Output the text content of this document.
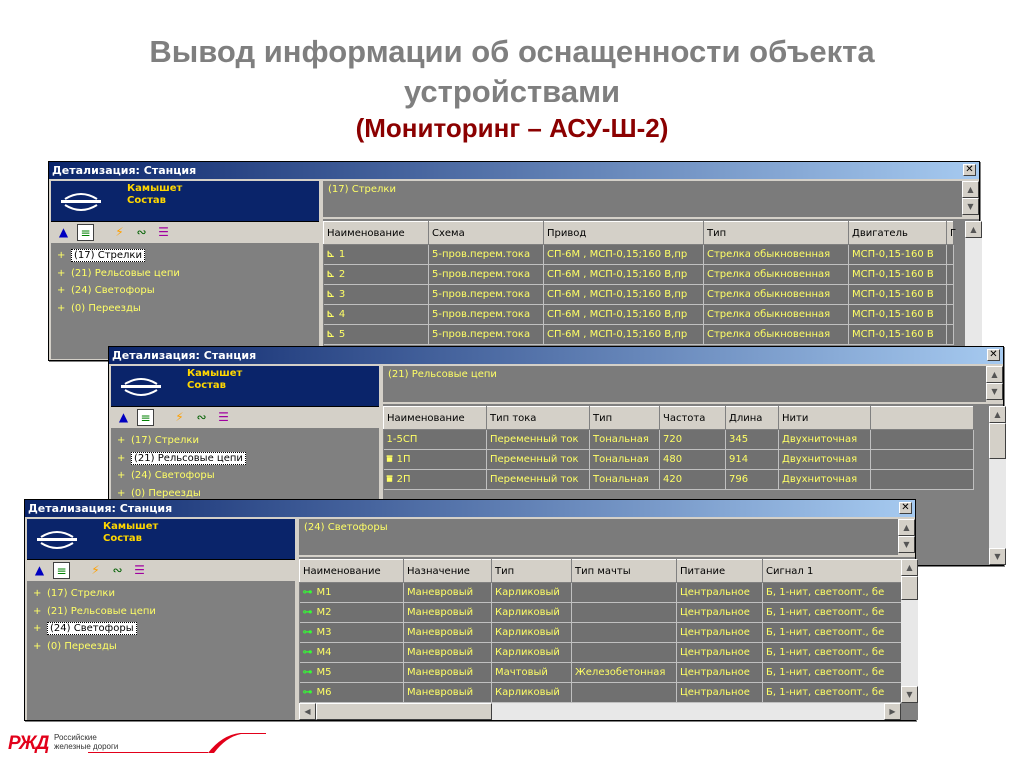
Вывод информации об оснащенности объекта устройствами
(Мониторинг – АСУ-Ш-2)
Детализация: Станция	✕
Камышет
Состав
▲	≡	⚡	∾ ☰
+ (17) Стрелки
+ (21) Рельсовые цепи
+ (24) Светофоры
+ (0) Переезды
(17) Стрелки	▲
▼
Наименование	Схема	Привод	Тип	Двигатель	Г
⊾ 1	5-пров.перем.тока	СП-6М , МСП-0,15;160 В,пр	Стрелка обыкновенная	МСП-0,15-160 В	
⊾ 2	5-пров.перем.тока	СП-6М , МСП-0,15;160 В,пр	Стрелка обыкновенная	МСП-0,15-160 В	
⊾ 3	5-пров.перем.тока	СП-6М , МСП-0,15;160 В,пр	Стрелка обыкновенная	МСП-0,15-160 В	
⊾ 4	5-пров.перем.тока	СП-6М , МСП-0,15;160 В,пр	Стрелка обыкновенная	МСП-0,15-160 В	
⊾ 5	5-пров.перем.тока	СП-6М , МСП-0,15;160 В,пр	Стрелка обыкновенная	МСП-0,15-160 В	
▲
Детализация: Станция	✕
Камышет
Состав
▲	≡	⚡	∾ ☰
+ (17) Стрелки
+ (21) Рельсовые цепи
+ (24) Светофоры
+ (0) Переезды
(21) Рельсовые цепи	▲
▼
Наименование	Тип тока	Тип	Частота	Длина	Нити	
1-5СП	Переменный ток	Тональная	720	345	Двухниточная	
⩸ 1П	Переменный ток	Тональная	480	914	Двухниточная	
⩸ 2П	Переменный ток	Тональная	420	796	Двухниточная	
▲
▼
Детализация: Станция	✕
Камышет
Состав
▲	≡	⚡	∾ ☰
+ (17) Стрелки
+ (21) Рельсовые цепи
+ (24) Светофоры
+ (0) Переезды
(24) Светофоры	▲
▼
Наименование	Назначение	Тип	Тип мачты	Питание	Сигнал 1
⊶ М1	Маневровый	Карликовый		Центральное	Б, 1-нит, светоопт., бе
⊶ М2	Маневровый	Карликовый		Центральное	Б, 1-нит, светоопт., бе
⊶ М3	Маневровый	Карликовый		Центральное	Б, 1-нит, светоопт., бе
⊶ М4	Маневровый	Карликовый		Центральное	Б, 1-нит, светоопт., бе
⊶ М5	Маневровый	Мачтовый	Железобетонная	Центральное	Б, 1-нит, светоопт., бе
⊶ М6	Маневровый	Карликовый		Центральное	Б, 1-нит, светоопт., бе
▲
▼
◀	▶
РЖД Российские
железные дороги
